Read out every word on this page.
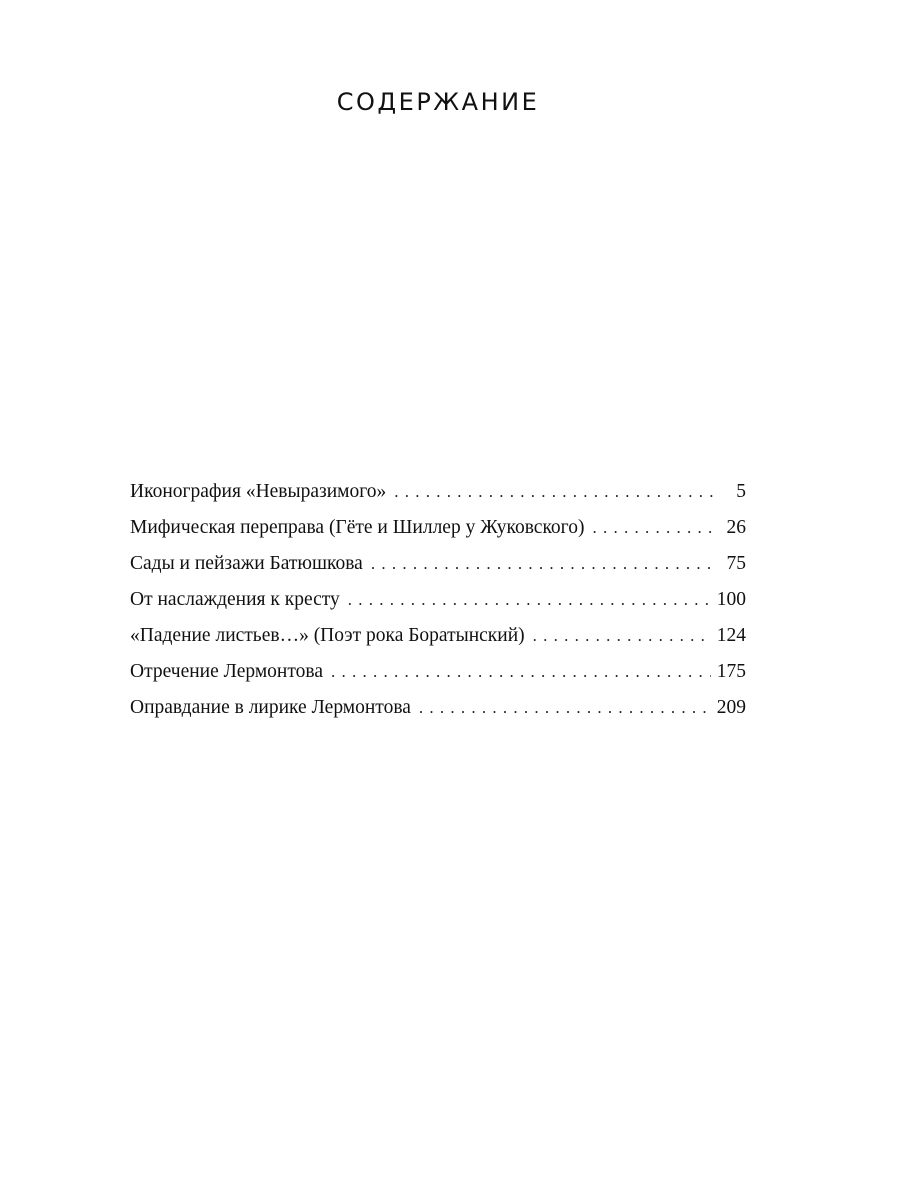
СОДЕРЖАНИЕ
Иконография «Невыразимого» . . .	5
Мифическая переправа (Гёте и Шиллер у Жуковского) . . .	26
Сады и пейзажи Батюшкова . . .	75
От наслаждения к кресту . . .	100
«Падение листьев…» (Поэт рока Боратынский) . . .	124
Отречение Лермонтова . . .	175
Оправдание в лирике Лермонтова . . .	209
